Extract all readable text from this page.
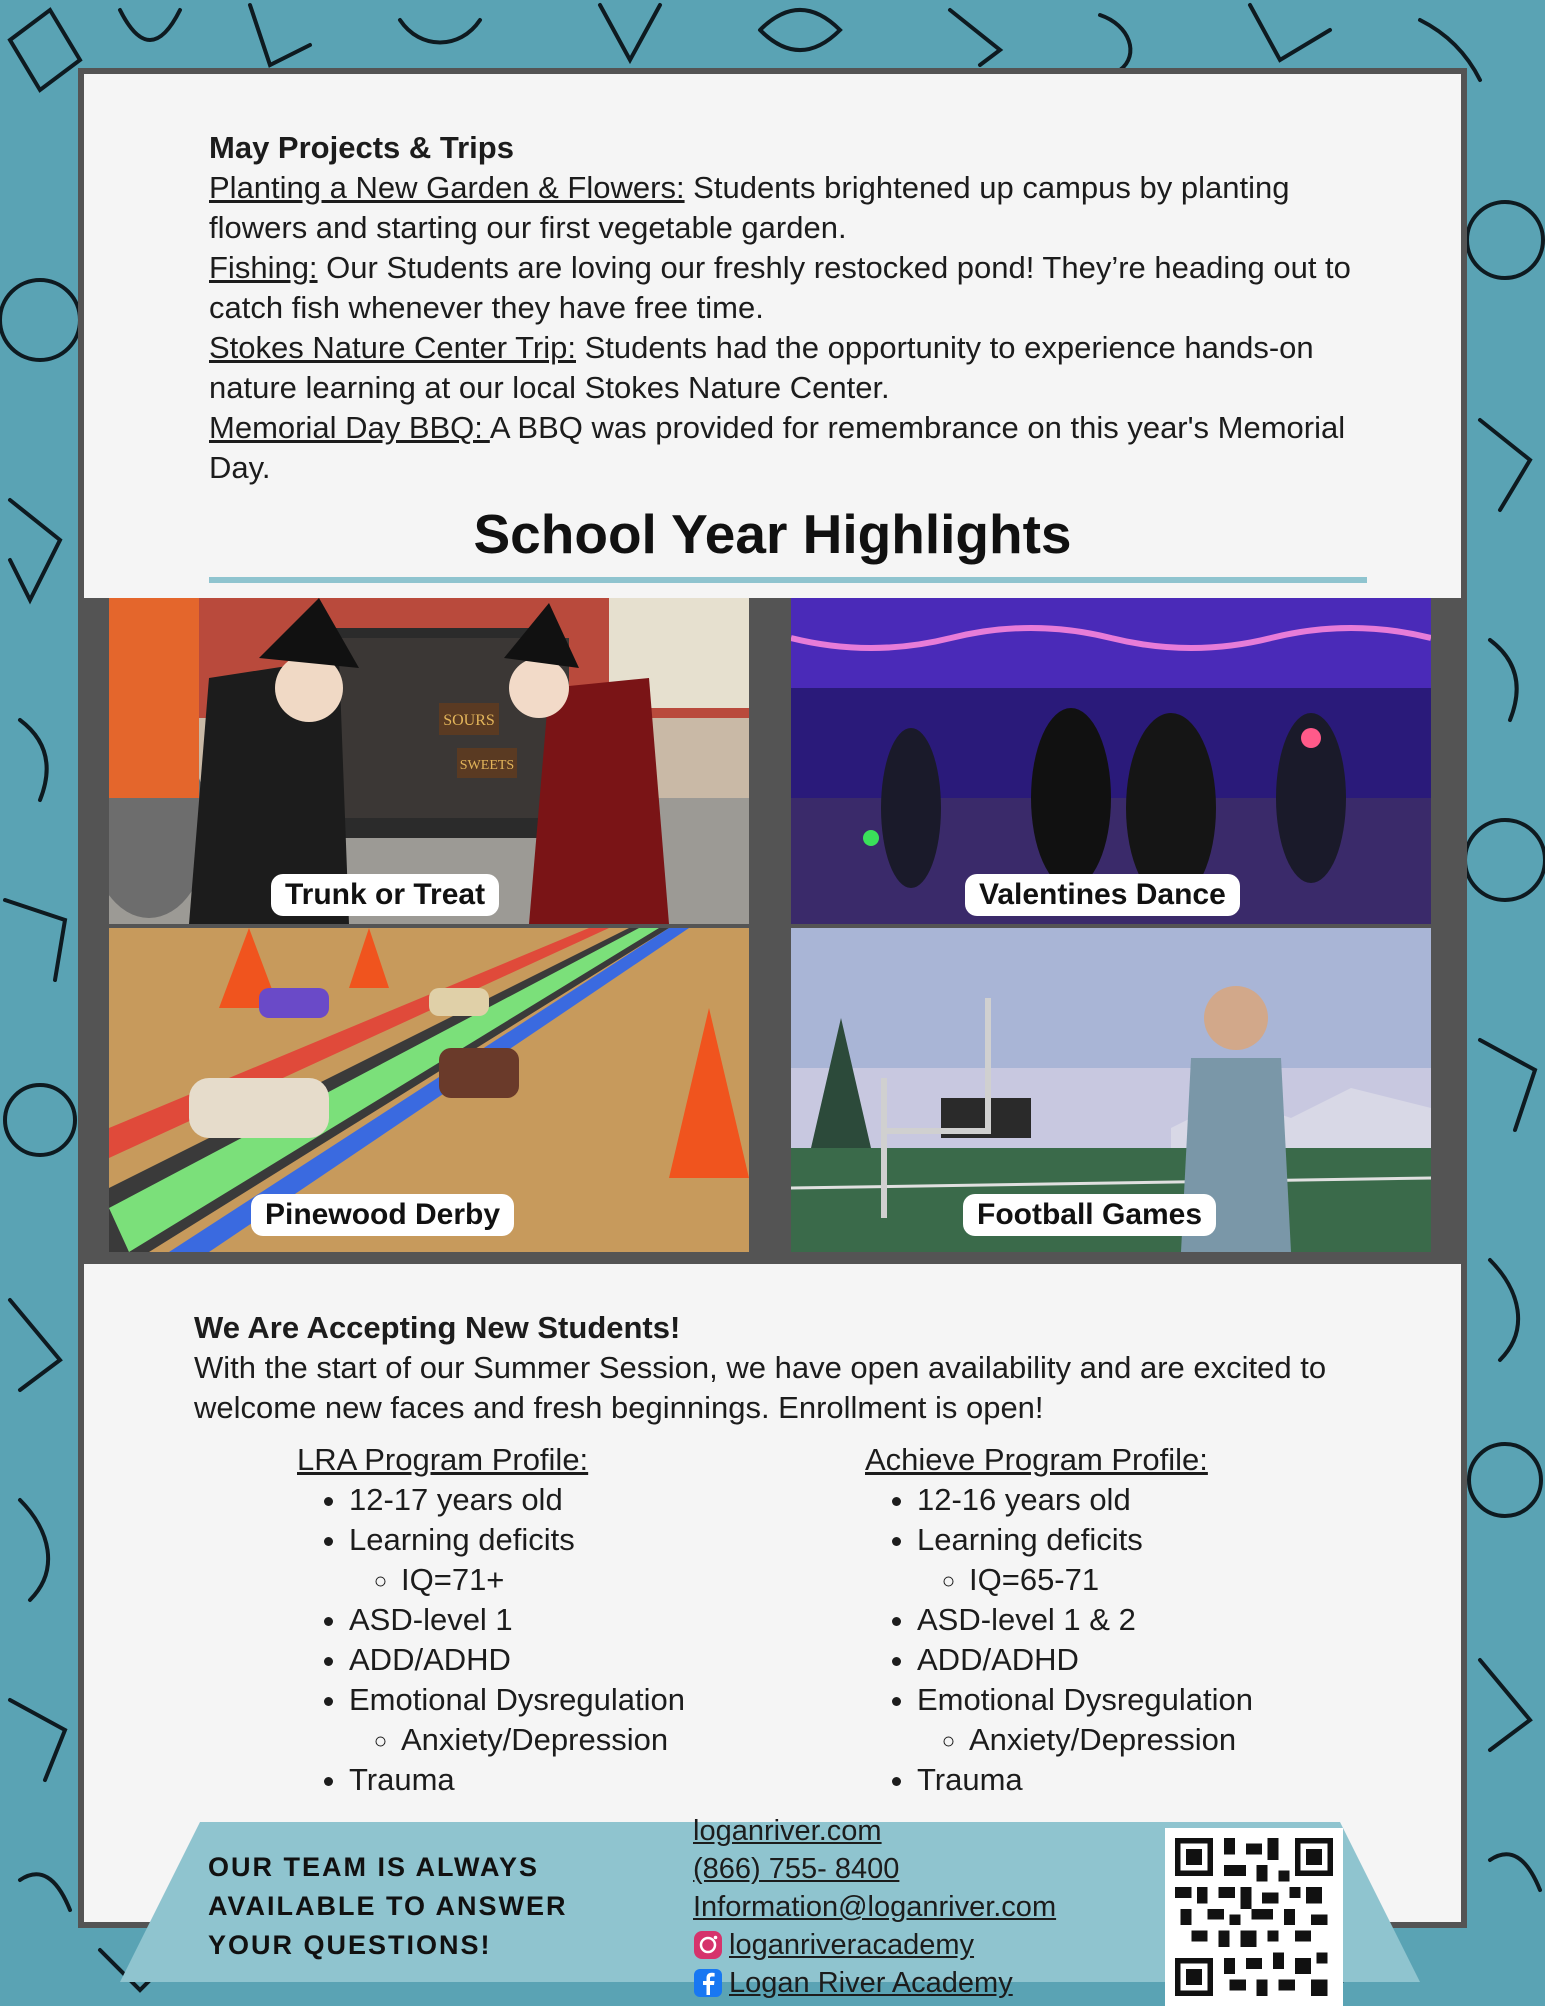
May Projects & Trips

Planting a New Garden & Flowers: Students brightened up campus by planting flowers and starting our first vegetable garden.

Fishing: Our Students are loving our freshly restocked pond! They’re heading out to catch fish whenever they have free time.

Stokes Nature Center Trip: Students had the opportunity to experience hands-on nature learning at our local Stokes Nature Center.

Memorial Day BBQ: A BBQ was provided for remembrance on this year's Memorial Day.

School Year Highlights
SOURS
SWEETS
Trunk or Treat	Valentines Dance
Pinewood Derby	Football Games

We Are Accepting New Students!

With the start of our Summer Session, we have open availability and are excited to welcome new faces and fresh beginnings. Enrollment is open!

LRA Program Profile:
• 12-17 years old
• Learning deficits
◦ IQ=71+
• ASD-level 1
• ADD/ADHD
• Emotional Dysregulation
◦ Anxiety/Depression
• Trauma
Achieve Program Profile:
• 12-16 years old
• Learning deficits
◦ IQ=65-71
• ASD-level 1 & 2
• ADD/ADHD
• Emotional Dysregulation
◦ Anxiety/Depression
• Trauma
OUR TEAM IS ALWAYS
AVAILABLE TO ANSWER
YOUR QUESTIONS!
loganriver.com
(866) 755- 8400
Information@loganriver.com
loganriveracademy
Logan River Academy
